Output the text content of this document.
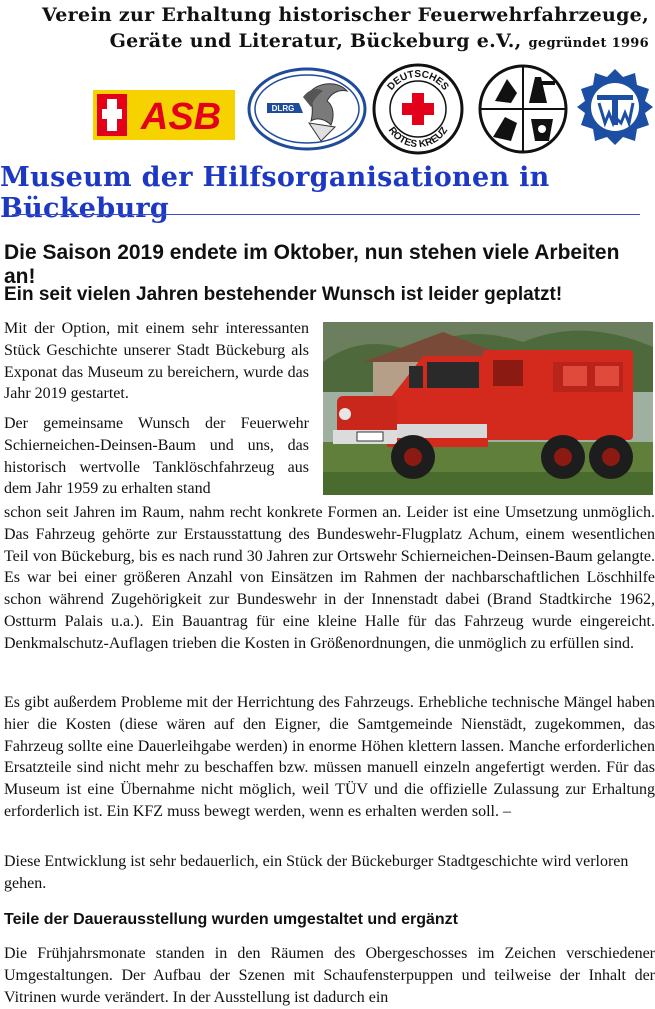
Verein zur Erhaltung historischer Feuerwehrfahrzeuge,
Geräte und Literatur, Bückeburg e.V., gegründet 1996
ASB	DLRG
DEUTSCHES
ROTES KREUZ
Museum der Hilfsorganisationen in Bückeburg
Die Saison 2019 endete im Oktober, nun stehen viele Arbeiten an!
Ein seit vielen Jahren bestehender Wunsch ist leider geplatzt!

Mit der Option, mit einem sehr interessanten Stück Geschichte unserer Stadt Bückeburg als Exponat das Museum zu bereichern, wurde das Jahr 2019 gestartet.

Der gemeinsame Wunsch der Feuerwehr Schierneichen-Deinsen-Baum und uns, das historisch wertvolle Tanklöschfahrzeug aus dem Jahr 1959 zu erhalten stand

schon seit Jahren im Raum, nahm recht konkrete Formen an. Leider ist eine Umsetzung unmöglich. Das Fahrzeug gehörte zur Erstausstattung des Bundeswehr-Flugplatz Achum, einem wesentlichen Teil von Bückeburg, bis es nach rund 30 Jahren zur Ortswehr Schierneichen-Deinsen-Baum gelangte. Es war bei einer größeren Anzahl von Einsätzen im Rahmen der nachbarschaftlichen Löschhilfe schon während Zugehörigkeit zur Bundeswehr in der Innenstadt dabei (Brand Stadtkirche 1962, Ostturm Palais u.a.). Ein Bauantrag für eine kleine Halle für das Fahrzeug wurde eingereicht. Denkmalschutz-Auflagen trieben die Kosten in Größenordnungen, die unmöglich zu erfüllen sind.

Es gibt außerdem Probleme mit der Herrichtung des Fahrzeugs. Erhebliche technische Mängel haben hier die Kosten (diese wären auf den Eigner, die Samtgemeinde Nienstädt, zugekommen, das Fahrzeug sollte eine Dauerleihgabe werden) in enorme Höhen klettern lassen. Manche erforderlichen Ersatzteile sind nicht mehr zu beschaffen bzw. müssen manuell einzeln angefertigt werden. Für das Museum ist eine Übernahme nicht möglich, weil TÜV und die offizielle Zulassung zur Erhaltung erforderlich ist. Ein KFZ muss bewegt werden, wenn es erhalten werden soll. –

Diese Entwicklung ist sehr bedauerlich, ein Stück der Bückeburger Stadtgeschichte wird verloren gehen.

Teile der Dauerausstellung wurden umgestaltet und ergänzt

Die Frühjahrsmonate standen in den Räumen des Obergeschosses im Zeichen verschiedener Umgestaltungen. Der Aufbau der Szenen mit Schaufensterpuppen und teilweise der Inhalt der Vitrinen wurde verändert. In der Ausstellung ist dadurch ein
